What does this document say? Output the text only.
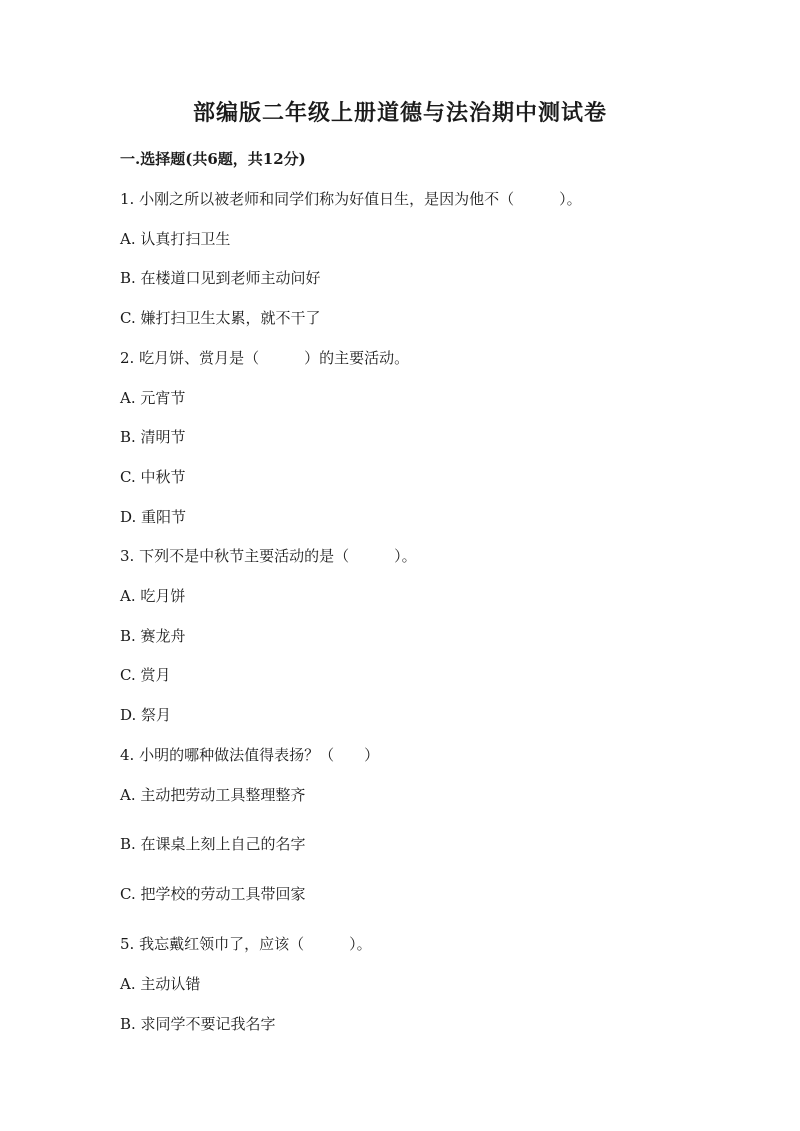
部编版二年级上册道德与法治期中测试卷
一.选择题(共6题，共12分)
1. 小刚之所以被老师和同学们称为好值日生，是因为他不（　　　）。
A. 认真打扫卫生
B. 在楼道口见到老师主动问好
C. 嫌打扫卫生太累，就不干了
2. 吃月饼、赏月是（　　　）的主要活动。
A. 元宵节
B. 清明节
C. 中秋节
D. 重阳节
3. 下列不是中秋节主要活动的是（　　　）。
A. 吃月饼
B. 赛龙舟
C. 赏月
D. 祭月
4. 小明的哪种做法值得表扬？（　　）
A. 主动把劳动工具整理整齐
B. 在课桌上刻上自己的名字
C. 把学校的劳动工具带回家
5. 我忘戴红领巾了，应该（　　　）。
A. 主动认错
B. 求同学不要记我名字
